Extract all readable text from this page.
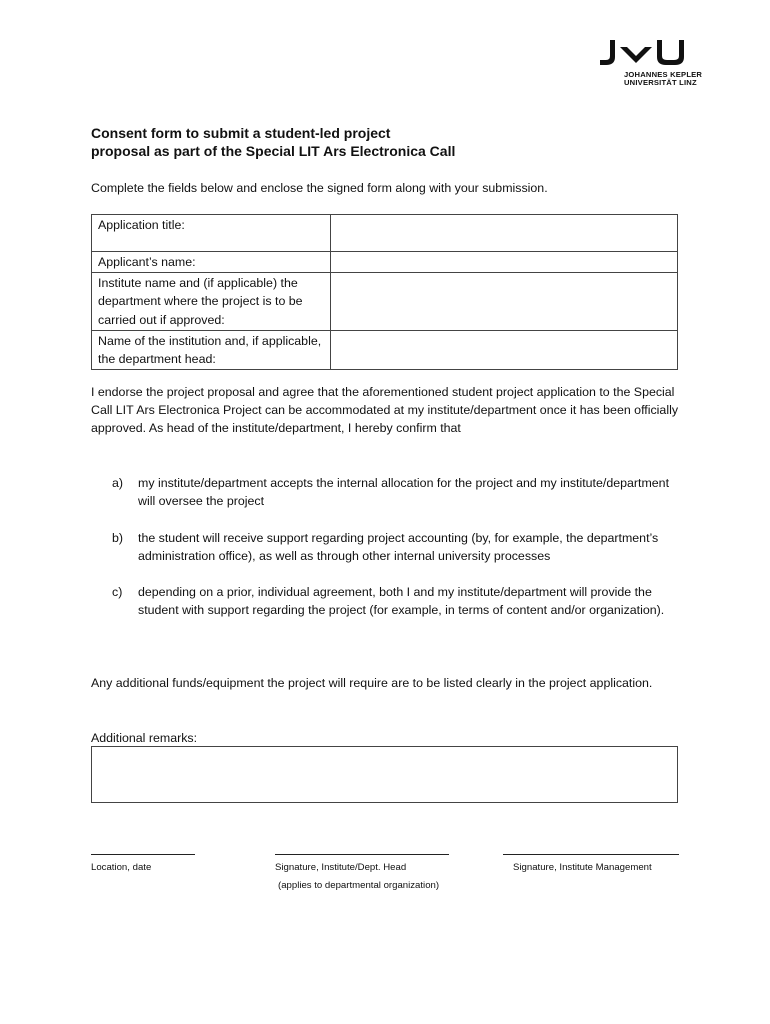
JOHANNES KEPLER
UNIVERSITÄT LINZ
Consent form to submit a student-led project
proposal as part of the Special LIT Ars Electronica Call

Complete the fields below and enclose the signed form along with your submission.

Application title:	
Applicant’s name:	
Institute name and (if applicable) the department where the project is to be carried out if approved:	
Name of the institution and, if applicable, the department head:	

I endorse the project proposal and agree that the aforementioned student project application to the Special Call LIT Ars Electronica Project can be accommodated at my institute/department once it has been officially approved. As head of the institute/department, I hereby confirm that

a) my institute/department accepts the internal allocation for the project and my institute/department will oversee the project
b) the student will receive support regarding project accounting (by, for example, the department’s administration office), as well as through other internal university processes
c) depending on a prior, individual agreement, both I and my institute/department will provide the student with support regarding the project (for example, in terms of content and/or organization).

Any additional funds/equipment the project will require are to be listed clearly in the project application.

Additional remarks:

Location, date	Signature, Institute/Dept. Head

(applies to departmental organization)

Signature, Institute Management
